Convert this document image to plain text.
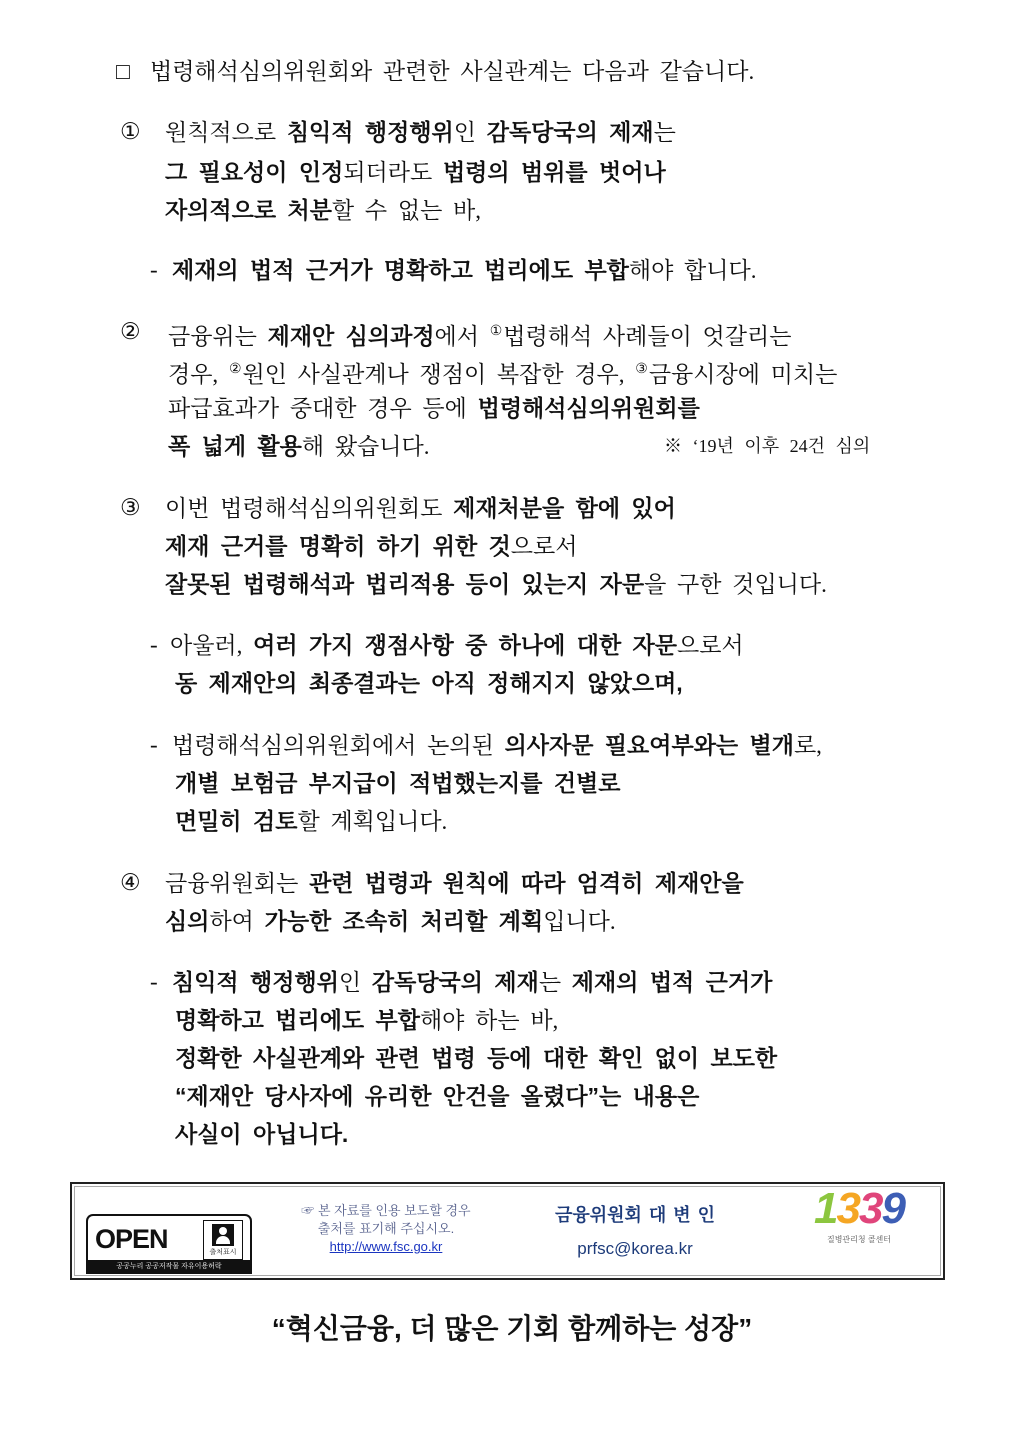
□ 법령해석심의위원회와 관련한 사실관계는 다음과 같습니다.
① 원칙적으로 침익적 행정행위인 감독당국의 제재는
그 필요성이 인정되더라도 법령의 범위를 벗어나
자의적으로 처분할 수 없는 바,
- 제재의 법적 근거가 명확하고 법리에도 부합해야 합니다.
② 금융위는 제재안 심의과정에서 ①법령해석 사례들이 엇갈리는
경우, ②원인 사실관계나 쟁점이 복잡한 경우, ③금융시장에 미치는
파급효과가 중대한 경우 등에 법령해석심의위원회를
폭 넓게 활용해 왔습니다.	※ ‘19년 이후 24건 심의
③ 이번 법령해석심의위원회도 제재처분을 함에 있어
제재 근거를 명확히 하기 위한 것으로서
잘못된 법령해석과 법리적용 등이 있는지 자문을 구한 것입니다.
- 아울러, 여러 가지 쟁점사항 중 하나에 대한 자문으로서
동 제재안의 최종결과는 아직 정해지지 않았으며,
- 법령해석심의위원회에서 논의된 의사자문 필요여부와는 별개로,
개별 보험금 부지급이 적법했는지를 건별로
면밀히 검토할 계획입니다.
④ 금융위원회는 관련 법령과 원칙에 따라 엄격히 제재안을
심의하여 가능한 조속히 처리할 계획입니다.
- 침익적 행정행위인 감독당국의 제재는 제재의 법적 근거가
명확하고 법리에도 부합해야 하는 바,
정확한 사실관계와 관련 법령 등에 대한 확인 없이 보도한
“제재안 당사자에 유리한 안건을 올렸다”는 내용은
사실이 아닙니다.
OPEN	출처표시
공공누리 공공저작물 자유이용허락
☞ 본 자료를 인용 보도할 경우
출처를 표기해 주십시오.
http://www.fsc.go.kr
금융위원회 대 변 인
prfsc@korea.kr
1339
질병관리청 콜센터
“혁신금융, 더 많은 기회 함께하는 성장”
